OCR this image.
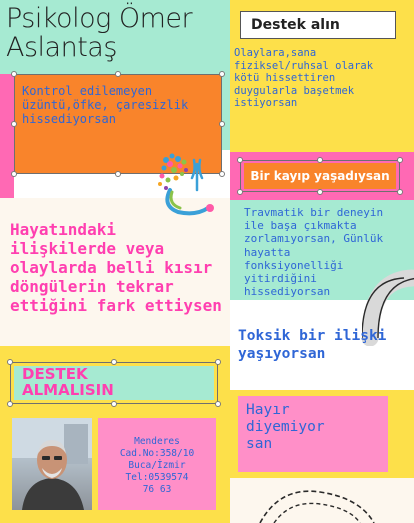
Psikolog Ömer
Aslantaş
Destek alın
Olaylara,sana fiziksel/ruhsal olarak kötü hissettiren duygularla başetmek istiyorsan
Kontrol edilemeyen üzüntü,öfke, çaresizlik hissediyorsan
Bir kayıp yaşadıysan
Travmatik bir deneyin ile başa çıkmakta zorlamıyorsan, Günlük hayatta fonksiyonelliği yitirdiğini hissediyorsan
Hayatındaki ilişkilerde veya olaylarda belli kısır döngülerin tekrar ettiğini fark ettiysen
Toksik bir ilişki yaşıyorsan
DESTEK
ALMALISIN
Menderes
Cad.No:358/10
Buca/İzmir
Tel:0539574
76 63
Hayır diyemiyor san
